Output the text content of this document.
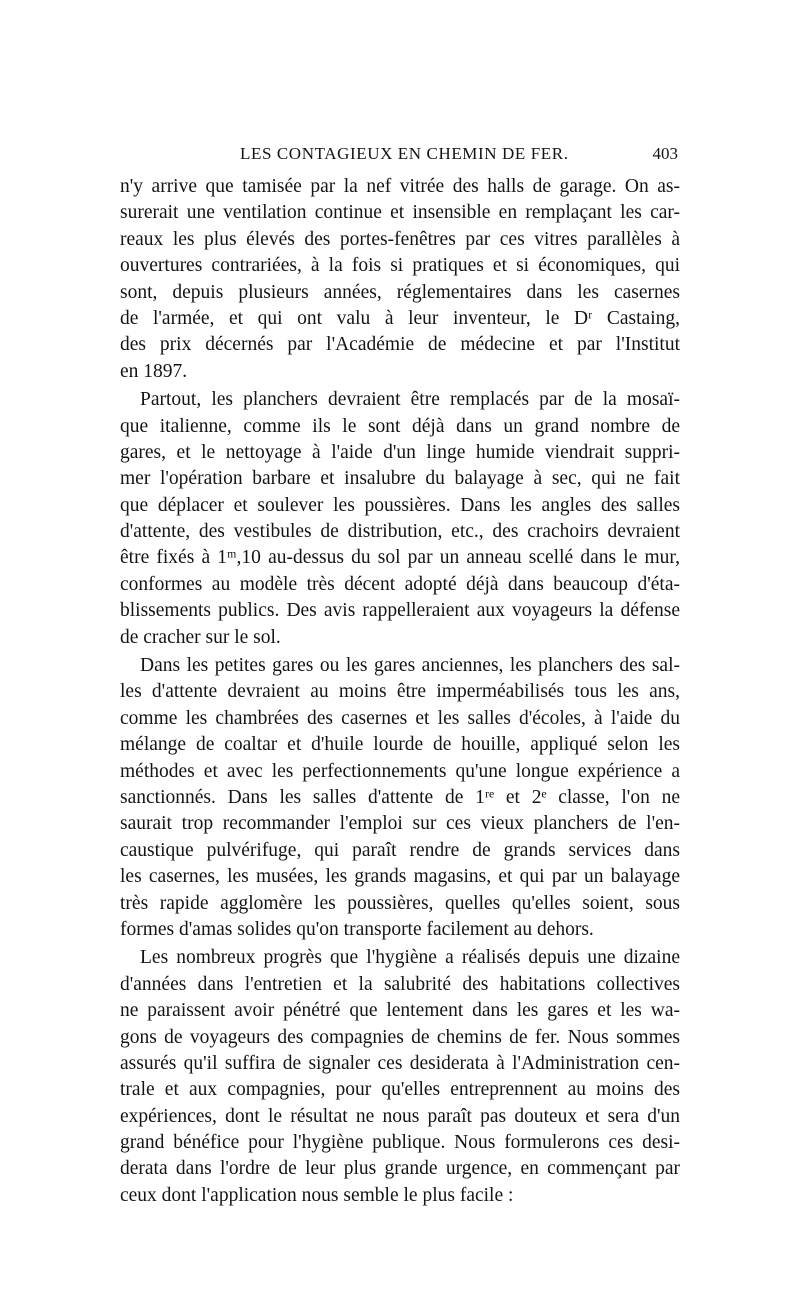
LES CONTAGIEUX EN CHEMIN DE FER.	403

n'y arrive que tamisée par la nef vitrée des halls de garage. On as-
surerait une ventilation continue et insensible en remplaçant les car-
reaux les plus élevés des portes-fenêtres par ces vitres parallèles à
ouvertures contrariées, à la fois si pratiques et si économiques, qui
sont, depuis plusieurs années, réglementaires dans les casernes
de l'armée, et qui ont valu à leur inventeur, le Dʳ Castaing,
des prix décernés par l'Académie de médecine et par l'Institut
en 1897.

Partout, les planchers devraient être remplacés par de la mosaï-
que italienne, comme ils le sont déjà dans un grand nombre de
gares, et le nettoyage à l'aide d'un linge humide viendrait suppri-
mer l'opération barbare et insalubre du balayage à sec, qui ne fait
que déplacer et soulever les poussières. Dans les angles des salles
d'attente, des vestibules de distribution, etc., des crachoirs devraient
être fixés à 1ᵐ,10 au-dessus du sol par un anneau scellé dans le mur,
conformes au modèle très décent adopté déjà dans beaucoup d'éta-
blissements publics. Des avis rappelleraient aux voyageurs la défense
de cracher sur le sol.

Dans les petites gares ou les gares anciennes, les planchers des sal-
les d'attente devraient au moins être imperméabilisés tous les ans,
comme les chambrées des casernes et les salles d'écoles, à l'aide du
mélange de coaltar et d'huile lourde de houille, appliqué selon les
méthodes et avec les perfectionnements qu'une longue expérience a
sanctionnés. Dans les salles d'attente de 1ʳᵉ et 2ᵉ classe, l'on ne
saurait trop recommander l'emploi sur ces vieux planchers de l'en-
caustique pulvérifuge, qui paraît rendre de grands services dans
les casernes, les musées, les grands magasins, et qui par un balayage
très rapide agglomère les poussières, quelles qu'elles soient, sous
formes d'amas solides qu'on transporte facilement au dehors.

Les nombreux progrès que l'hygiène a réalisés depuis une dizaine
d'années dans l'entretien et la salubrité des habitations collectives
ne paraissent avoir pénétré que lentement dans les gares et les wa-
gons de voyageurs des compagnies de chemins de fer. Nous sommes
assurés qu'il suffira de signaler ces desiderata à l'Administration cen-
trale et aux compagnies, pour qu'elles entreprennent au moins des
expériences, dont le résultat ne nous paraît pas douteux et sera d'un
grand bénéfice pour l'hygiène publique. Nous formulerons ces desi-
derata dans l'ordre de leur plus grande urgence, en commençant par
ceux dont l'application nous semble le plus facile :
